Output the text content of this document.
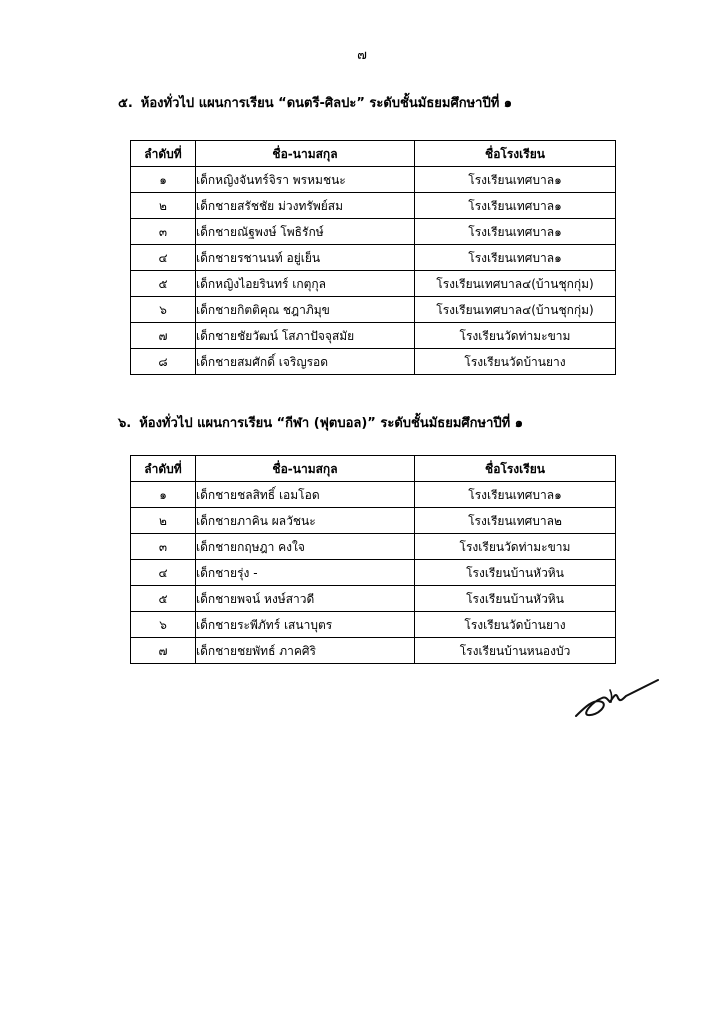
๗
๕. ห้องทั่วไป แผนการเรียน “ดนตรี-ศิลปะ” ระดับชั้นมัธยมศึกษาปีที่ ๑
ลำดับที่	ชื่อ-นามสกุล	ชื่อโรงเรียน
๑	เด็กหญิงจันทร์จิรา พรหมชนะ	โรงเรียนเทศบาล๑
๒	เด็กชายสรัชชัย ม่วงทรัพย์สม	โรงเรียนเทศบาล๑
๓	เด็กชายณัฐพงษ์ โพธิรักษ์	โรงเรียนเทศบาล๑
๔	เด็กชายรชานนท์ อยู่เย็น	โรงเรียนเทศบาล๑
๕	เด็กหญิงไอยรินทร์ เกตุกุล	โรงเรียนเทศบาล๔(บ้านชุกกุ่ม)
๖	เด็กชายกิตติคุณ ชฎาภิมุข	โรงเรียนเทศบาล๔(บ้านชุกกุ่ม)
๗	เด็กชายชัยวัฒน์ โสภาปัจจุสมัย	โรงเรียนวัดท่ามะขาม
๘	เด็กชายสมศักดิ์ เจริญรอด	โรงเรียนวัดบ้านยาง
๖. ห้องทั่วไป แผนการเรียน “กีฬา (ฟุตบอล)” ระดับชั้นมัธยมศึกษาปีที่ ๑
ลำดับที่	ชื่อ-นามสกุล	ชื่อโรงเรียน
๑	เด็กชายชลสิทธิ์ เอมโอด	โรงเรียนเทศบาล๑
๒	เด็กชายภาคิน ผลวัชนะ	โรงเรียนเทศบาล๒
๓	เด็กชายกฤษฎา คงใจ	โรงเรียนวัดท่ามะขาม
๔	เด็กชายรุ่ง -	โรงเรียนบ้านหัวหิน
๕	เด็กชายพจน์ หงษ์สาวดี	โรงเรียนบ้านหัวหิน
๖	เด็กชายระพีภัทร์ เสนาบุตร	โรงเรียนวัดบ้านยาง
๗	เด็กชายชยพัทธ์ ภาคศิริ	โรงเรียนบ้านหนองบัว
